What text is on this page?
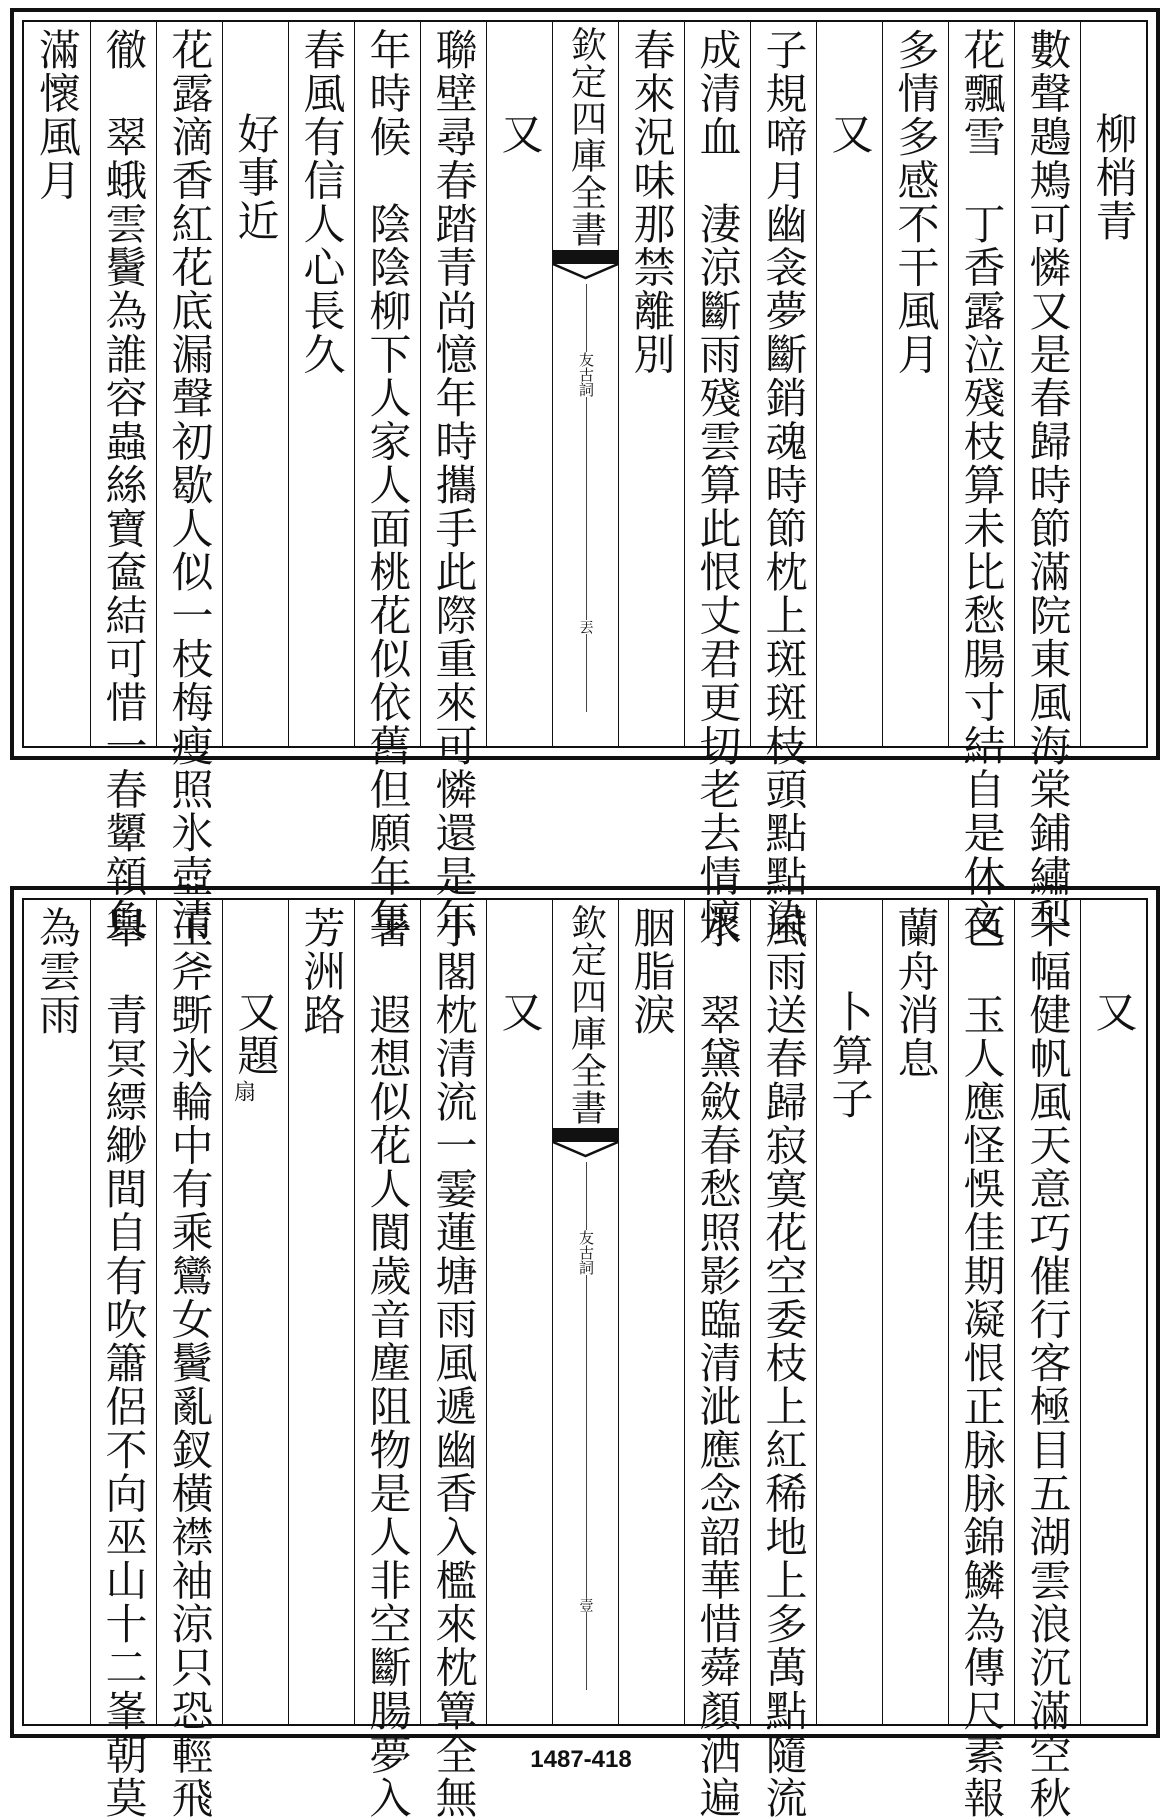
柳梢青
數聲鶗鴂可憐又是春歸時節滿院東風海棠鋪繡梨
花飄雪　丁香露泣殘枝算未比愁腸寸結自是休文
多情多感不干風月
又
子規啼月幽衾夢斷銷魂時節枕上斑斑枝頭點點染
成清血　淒涼斷雨殘雲算此恨丈君更切老去情懷
春來況味那禁離別
欽定四庫全書
友古詞
丟
又
聯壁尋春踏青尚憶年時攜手此際重來可憐還是年
年時候　陰陰柳下人家人面桃花似依舊但願年年
春風有信人心長久
好事近
花露滴香紅花底漏聲初歇人似一枝梅瘦照氷壺清
徹　翠蛾雲鬢為誰容蟲絲寶奩結可惜一春顰顇負
滿懷風月
又
十幅健帆風天意巧催行客極目五湖雲浪沉滿空秋
色　玉人應怪悞佳期凝恨正脉脉錦鱗為傳尺素報
蘭舟消息
卜算子
風雨送春歸寂寞花空委枝上紅稀地上多萬點隨流
水　翠黛斂春愁照影臨清泚應念韶華惜蕣顏洒遍
胭脂淚
欽定四庫全書
友古詞
壹
又
小閣枕清流一霎蓮塘雨風遞幽香入檻來枕簟全無
暑　遐想似花人閬歲音塵阻物是人非空斷腸夢入
芳洲路
又題
扇
玉斧斲氷輪中有乘鸞女鬢亂釵橫襟袖涼只恐輕飛
舉　青冥縹緲間自有吹簫侶不向巫山十二峯朝莫
為雲雨
1487-418
